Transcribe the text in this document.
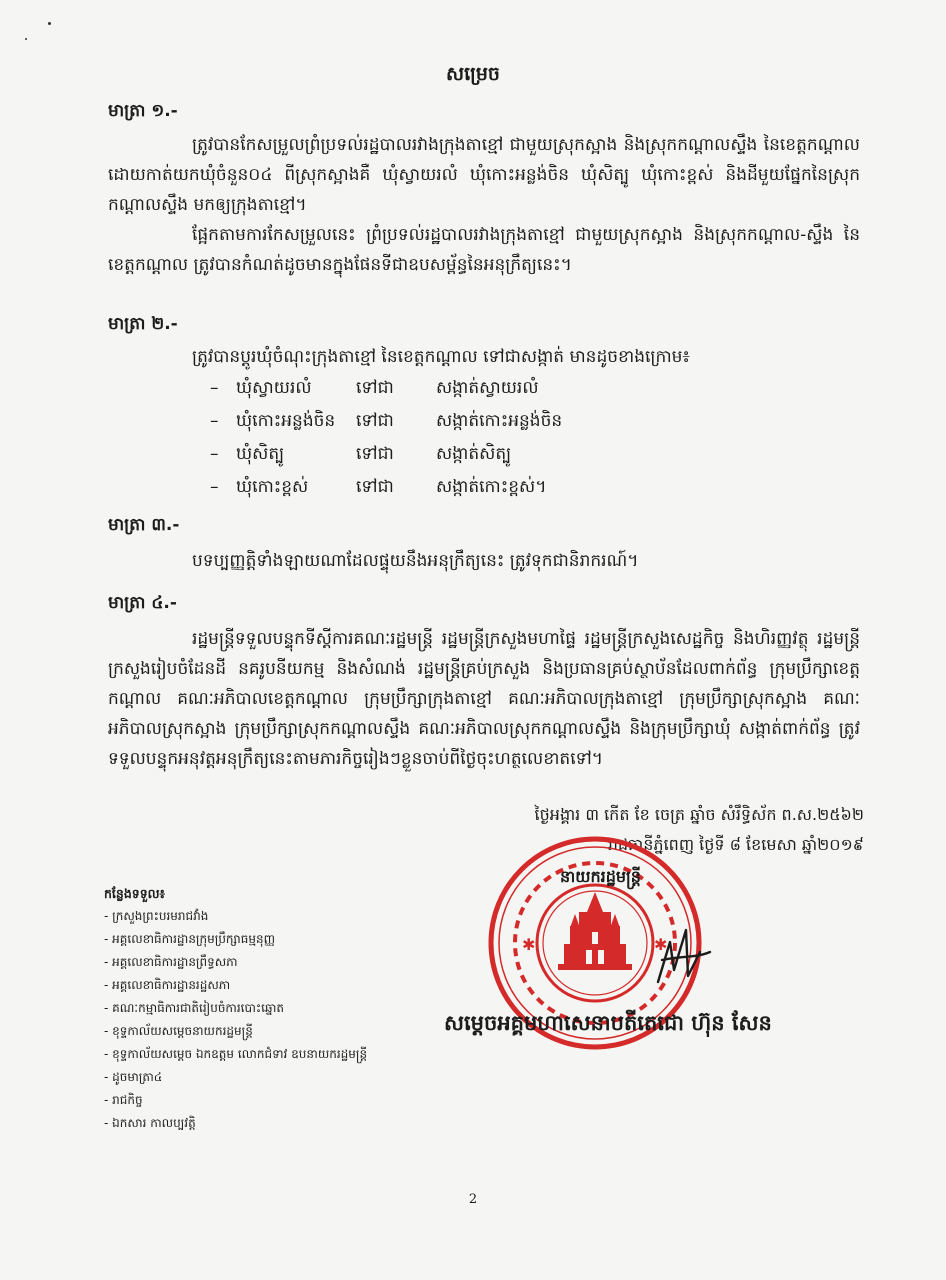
សម្រេច
មាត្រា ១.-

ត្រូវបានកែសម្រួលព្រំប្រទល់រដ្ឋបាលរវាងក្រុងតាខ្មៅ ជាមួយស្រុកស្អាង និងស្រុកកណ្ដាលស្ទឹង នៃខេត្តកណ្ដាល ដោយកាត់យកឃុំចំនួន០៤ ពីស្រុកស្អាងគឺ ឃុំស្វាយរលំ ឃុំកោះអន្លង់ចិន ឃុំសិត្បូ ឃុំកោះខ្ពស់ និងដីមួយផ្នែកនៃស្រុកកណ្ដាលស្ទឹង មកឲ្យក្រុងតាខ្មៅ។

ផ្អែកតាមការកែសម្រួលនេះ ព្រំប្រទល់រដ្ឋបាលរវាងក្រុងតាខ្មៅ ជាមួយស្រុកស្អាង និងស្រុកកណ្ដាល-ស្ទឹង នៃខេត្តកណ្ដាល ត្រូវបានកំណត់ដូចមានក្នុងផែនទីជាឧបសម្ព័ន្ធនៃអនុក្រឹត្យនេះ។

មាត្រា ២.-

ត្រូវបានប្ដូរឃុំចំណុះក្រុងតាខ្មៅ នៃខេត្តកណ្ដាល ទៅជាសង្កាត់ មានដូចខាងក្រោម៖

– ឃុំស្វាយរលំ	ទៅជា សង្កាត់ស្វាយរលំ
– ឃុំកោះអន្លង់ចិន ទៅជា សង្កាត់កោះអន្លង់ចិន
– ឃុំសិត្បូ	ទៅជា សង្កាត់សិត្បូ
– ឃុំកោះខ្ពស់	ទៅជា សង្កាត់កោះខ្ពស់។
មាត្រា ៣.-

បទប្បញ្ញត្តិទាំងឡាយណាដែលផ្ទុយនឹងអនុក្រឹត្យនេះ ត្រូវទុកជានិរាករណ៍។

មាត្រា ៤.-

រដ្ឋមន្ត្រីទទួលបន្ទុកទីស្ដីការគណៈរដ្ឋមន្ត្រី រដ្ឋមន្ត្រីក្រសួងមហាផ្ទៃ រដ្ឋមន្ត្រីក្រសួងសេដ្ឋកិច្ច និងហិរញ្ញវត្ថុ រដ្ឋមន្ត្រីក្រសួងរៀបចំដែនដី នគរូបនីយកម្ម និងសំណង់ រដ្ឋមន្ត្រីគ្រប់ក្រសួង និងប្រធានគ្រប់ស្ថាប័នដែលពាក់ព័ន្ធ ក្រុមប្រឹក្សាខេត្តកណ្ដាល គណៈអភិបាលខេត្តកណ្ដាល ក្រុមប្រឹក្សាក្រុងតាខ្មៅ គណៈអភិបាលក្រុងតាខ្មៅ ក្រុមប្រឹក្សាស្រុកស្អាង គណៈអភិបាលស្រុកស្អាង ក្រុមប្រឹក្សាស្រុកកណ្ដាលស្ទឹង គណៈអភិបាលស្រុកកណ្ដាលស្ទឹង និងក្រុមប្រឹក្សាឃុំ សង្កាត់ពាក់ព័ន្ធ ត្រូវទទួលបន្ទុកអនុវត្តអនុក្រឹត្យនេះតាមភារកិច្ចរៀងៗខ្លួនចាប់ពីថ្ងៃចុះហត្ថលេខាតទៅ។

ថ្ងៃអង្គារ ៣ កើត ខែ ចេត្រ ឆ្នាំច សំរឹទ្ធិស័ក ព.ស.២៥៦២
រាជធានីភ្នំពេញ ថ្ងៃទី ៨ ខែមេសា ឆ្នាំ២០១៩
✱	✱
នាយករដ្ឋមន្ត្រី
សម្ដេចអគ្គមហាសេនាបតីតេជោ ហ៊ុន សែន
កន្លែងទទួល៖
- ក្រសួងព្រះបរមរាជវាំង
- អគ្គលេខាធិការដ្ឋានក្រុមប្រឹក្សាធម្មនុញ្ញ
- អគ្គលេខាធិការដ្ឋានព្រឹទ្ធសភា
- អគ្គលេខាធិការដ្ឋានរដ្ឋសភា
- គណៈកម្មាធិការជាតិរៀបចំការបោះឆ្នោត
- ខុទ្ទកាល័យសម្ដេចនាយករដ្ឋមន្ត្រី
- ខុទ្ទកាល័យសម្ដេច ឯកឧត្តម លោកជំទាវ ឧបនាយករដ្ឋមន្ត្រី
- ដូចមាត្រា៤
- រាជកិច្ច
- ឯកសារ កាលប្បវត្តិ
2
